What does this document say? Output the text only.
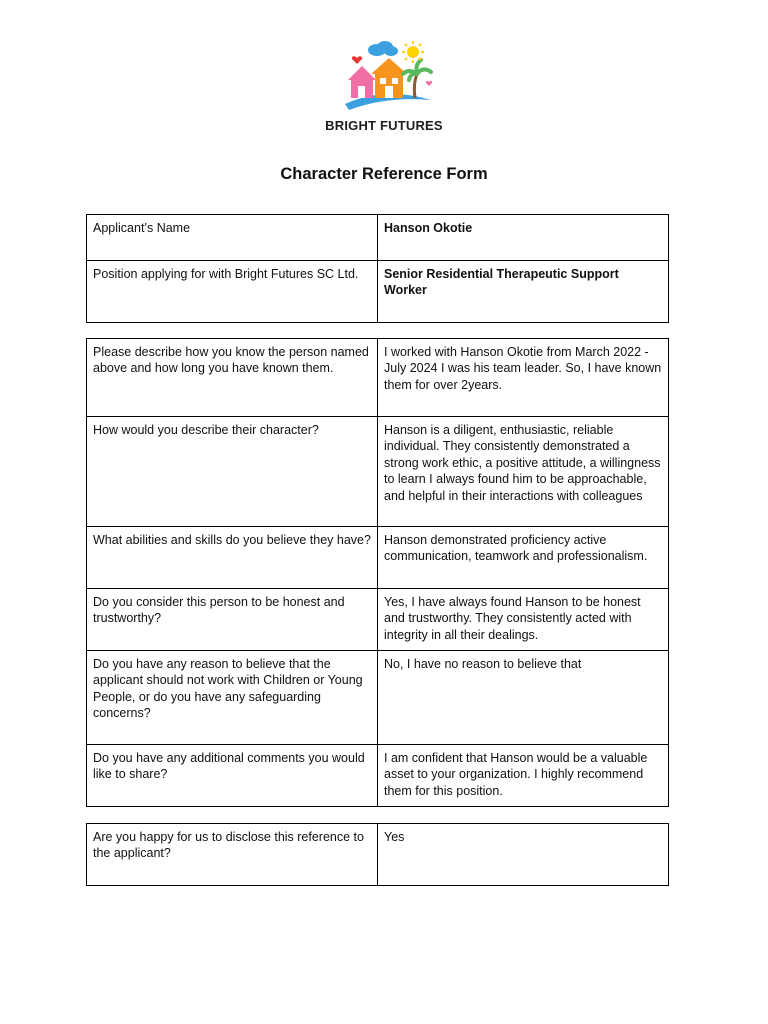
BRIGHT FUTURES
Character Reference Form
Applicant’s Name	Hanson Okotie
Position applying for with Bright Futures SC Ltd.	Senior Residential Therapeutic Support Worker
Please describe how you know the person named above and how long you have known them.	I worked with Hanson Okotie from March 2022 - July 2024 I was his team leader. So, I have known them for over 2years.
How would you describe their character?	Hanson is a diligent, enthusiastic, reliable individual. They consistently demonstrated a strong work ethic, a positive attitude, a willingness to learn I always found him to be approachable, and helpful in their interactions with colleagues
What abilities and skills do you believe they have?	Hanson demonstrated proficiency active communication, teamwork and professionalism.
Do you consider this person to be honest and trustworthy?	Yes, I have always found Hanson to be honest and trustworthy. They consistently acted with integrity in all their dealings.
Do you have any reason to believe that the applicant should not work with Children or Young People, or do you have any safeguarding concerns?	No, I have no reason to believe that
Do you have any additional comments you would like to share?	I am confident that Hanson would be a valuable asset to your organization. I highly recommend them for this position.
Are you happy for us to disclose this reference to the applicant?	Yes
